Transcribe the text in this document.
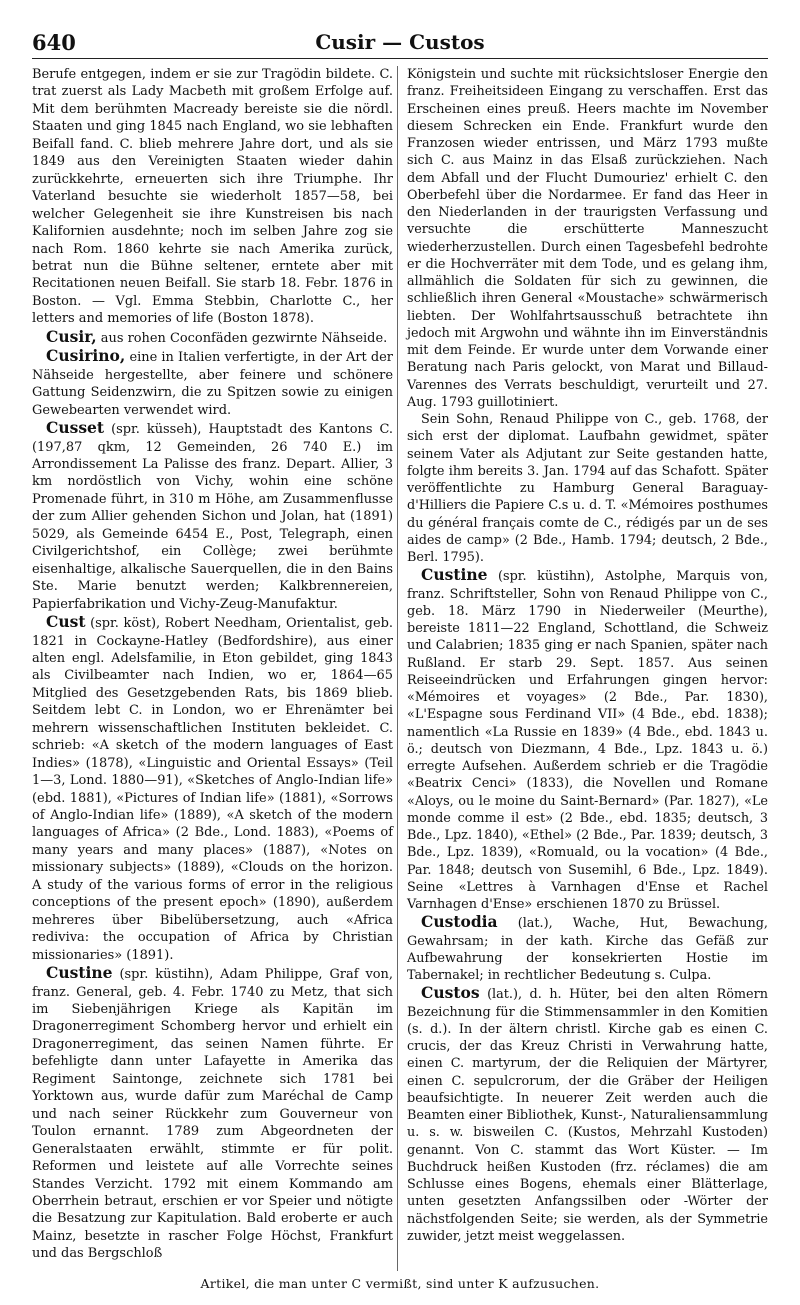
640	Cusir — Custos

Berufe entgegen, indem er sie zur Tragödin bildete. C. trat zuerst als Lady Macbeth mit großem Erfolge auf. Mit dem berühmten Macready bereiste sie die nördl. Staaten und ging 1845 nach England, wo sie lebhaften Beifall fand. C. blieb mehrere Jahre dort, und als sie 1849 aus den Vereinigten Staaten wieder dahin zurückkehrte, erneuerten sich ihre Triumphe. Ihr Vaterland besuchte sie wiederholt 1857—58, bei welcher Gelegenheit sie ihre Kunstreisen bis nach Kalifornien ausdehnte; noch im selben Jahre zog sie nach Rom. 1860 kehrte sie nach Amerika zurück, betrat nun die Bühne seltener, erntete aber mit Recitationen neuen Beifall. Sie starb 18. Febr. 1876 in Boston. — Vgl. Emma Stebbin, Charlotte C., her letters and memories of life (Boston 1878).

Cusir, aus rohen Coconfäden gezwirnte Nähseide.

Cusirino, eine in Italien verfertigte, in der Art der Nähseide hergestellte, aber feinere und schönere Gattung Seidenzwirn, die zu Spitzen sowie zu einigen Gewebearten verwendet wird.

Cusset (spr. küsseh), Hauptstadt des Kantons C. (197,87 qkm, 12 Gemeinden, 26 740 E.) im Arrondissement La Palisse des franz. Depart. Allier, 3 km nordöstlich von Vichy, wohin eine schöne Promenade führt, in 310 m Höhe, am Zusammenflusse der zum Allier gehenden Sichon und Jolan, hat (1891) 5029, als Gemeinde 6454 E., Post, Telegraph, einen Civilgerichtshof, ein Collège; zwei berühmte eisenhaltige, alkalische Sauerquellen, die in den Bains Ste. Marie benutzt werden; Kalkbrennereien, Papierfabrikation und Vichy-Zeug-Manufaktur.

Cust (spr. köst), Robert Needham, Orientalist, geb. 1821 in Cockayne-Hatley (Bedfordshire), aus einer alten engl. Adelsfamilie, in Eton gebildet, ging 1843 als Civilbeamter nach Indien, wo er, 1864—65 Mitglied des Gesetzgebenden Rats, bis 1869 blieb. Seitdem lebt C. in London, wo er Ehrenämter bei mehrern wissenschaftlichen Instituten bekleidet. C. schrieb: «A sketch of the modern languages of East Indies» (1878), «Linguistic and Oriental Essays» (Teil 1—3, Lond. 1880—91), «Sketches of Anglo-Indian life» (ebd. 1881), «Pictures of Indian life» (1881), «Sorrows of Anglo-Indian life» (1889), «A sketch of the modern languages of Africa» (2 Bde., Lond. 1883), «Poems of many years and many places» (1887), «Notes on missionary subjects» (1889), «Clouds on the horizon. A study of the various forms of error in the religious conceptions of the present epoch» (1890), außerdem mehreres über Bibelübersetzung, auch «Africa rediviva: the occupation of Africa by Christian missionaries» (1891).

Custine (spr. küstihn), Adam Philippe, Graf von, franz. General, geb. 4. Febr. 1740 zu Metz, that sich im Siebenjährigen Kriege als Kapitän im Dragonerregiment Schomberg hervor und erhielt ein Dragonerregiment, das seinen Namen führte. Er befehligte dann unter Lafayette in Amerika das Regiment Saintonge, zeichnete sich 1781 bei Yorktown aus, wurde dafür zum Maréchal de Camp und nach seiner Rückkehr zum Gouverneur von Toulon ernannt. 1789 zum Abgeordneten der Generalstaaten erwählt, stimmte er für polit. Reformen und leistete auf alle Vorrechte seines Standes Verzicht. 1792 mit einem Kommando am Oberrhein betraut, erschien er vor Speier und nötigte die Besatzung zur Kapitulation. Bald eroberte er auch Mainz, besetzte in rascher Folge Höchst, Frankfurt und das Bergschloß

Königstein und suchte mit rücksichtsloser Energie den franz. Freiheitsideen Eingang zu verschaffen. Erst das Erscheinen eines preuß. Heers machte im November diesem Schrecken ein Ende. Frankfurt wurde den Franzosen wieder entrissen, und März 1793 mußte sich C. aus Mainz in das Elsaß zurückziehen. Nach dem Abfall und der Flucht Dumouriez' erhielt C. den Oberbefehl über die Nordarmee. Er fand das Heer in den Niederlanden in der traurigsten Verfassung und versuchte die erschütterte Manneszucht wiederherzustellen. Durch einen Tagesbefehl bedrohte er die Hochverräter mit dem Tode, und es gelang ihm, allmählich die Soldaten für sich zu gewinnen, die schließlich ihren General «Moustache» schwärmerisch liebten. Der Wohlfahrtsausschuß betrachtete ihn jedoch mit Argwohn und wähnte ihn im Einverständnis mit dem Feinde. Er wurde unter dem Vorwande einer Beratung nach Paris gelockt, von Marat und Billaud-Varennes des Verrats beschuldigt, verurteilt und 27. Aug. 1793 guillotiniert.

Sein Sohn, Renaud Philippe von C., geb. 1768, der sich erst der diplomat. Laufbahn gewidmet, später seinem Vater als Adjutant zur Seite gestanden hatte, folgte ihm bereits 3. Jan. 1794 auf das Schafott. Später veröffentlichte zu Hamburg General Baraguay-d'Hilliers die Papiere C.s u. d. T. «Mémoires posthumes du général français comte de C., rédigés par un de ses aides de camp» (2 Bde., Hamb. 1794; deutsch, 2 Bde., Berl. 1795).

Custine (spr. küstihn), Astolphe, Marquis von, franz. Schriftsteller, Sohn von Renaud Philippe von C., geb. 18. März 1790 in Niederweiler (Meurthe), bereiste 1811—22 England, Schottland, die Schweiz und Calabrien; 1835 ging er nach Spanien, später nach Rußland. Er starb 29. Sept. 1857. Aus seinen Reiseeindrücken und Erfahrungen gingen hervor: «Mémoires et voyages» (2 Bde., Par. 1830), «L'Espagne sous Ferdinand VII» (4 Bde., ebd. 1838); namentlich «La Russie en 1839» (4 Bde., ebd. 1843 u. ö.; deutsch von Diezmann, 4 Bde., Lpz. 1843 u. ö.) erregte Aufsehen. Außerdem schrieb er die Tragödie «Beatrix Cenci» (1833), die Novellen und Romane «Aloys, ou le moine du Saint-Bernard» (Par. 1827), «Le monde comme il est» (2 Bde., ebd. 1835; deutsch, 3 Bde., Lpz. 1840), «Ethel» (2 Bde., Par. 1839; deutsch, 3 Bde., Lpz. 1839), «Romuald, ou la vocation» (4 Bde., Par. 1848; deutsch von Susemihl, 6 Bde., Lpz. 1849). Seine «Lettres à Varnhagen d'Ense et Rachel Varnhagen d'Ense» erschienen 1870 zu Brüssel.

Custodia (lat.), Wache, Hut, Bewachung, Gewahrsam; in der kath. Kirche das Gefäß zur Aufbewahrung der konsekrierten Hostie im Tabernakel; in rechtlicher Bedeutung s. Culpa.

Custos (lat.), d. h. Hüter, bei den alten Römern Bezeichnung für die Stimmensammler in den Komitien (s. d.). In der ältern christl. Kirche gab es einen C. crucis, der das Kreuz Christi in Verwahrung hatte, einen C. martyrum, der die Reliquien der Märtyrer, einen C. sepulcrorum, der die Gräber der Heiligen beaufsichtigte. In neuerer Zeit werden auch die Beamten einer Bibliothek, Kunst-, Naturaliensammlung u. s. w. bisweilen C. (Kustos, Mehrzahl Kustoden) genannt. Von C. stammt das Wort Küster. — Im Buchdruck heißen Kustoden (frz. réclames) die am Schlusse eines Bogens, ehemals einer Blätterlage, unten gesetzten Anfangssilben oder -Wörter der nächstfolgenden Seite; sie werden, als der Symmetrie zuwider, jetzt meist weggelassen.

Artikel, die man unter C vermißt, sind unter K aufzusuchen.
